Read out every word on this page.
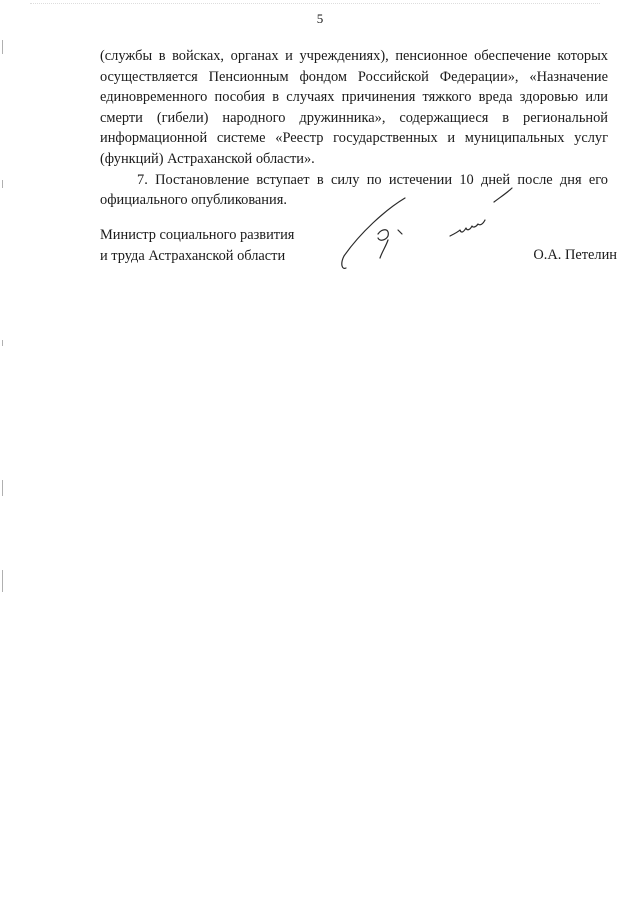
5

(службы в войсках, органах и учреждениях), пенсионное обеспечение которых осуществляется Пенсионным фондом Российской Федерации», «Назначение единовременного пособия в случаях причинения тяжкого вреда здоровью или смерти (гибели) народного дружинника», содержащиеся в региональной информационной системе «Реестр государственных и муниципальных услуг (функций) Астраханской области».

7. Постановление вступает в силу по истечении 10 дней после дня его официального опубликования.

Министр социального развития
и труда Астраханской области	О.А. Петелин
